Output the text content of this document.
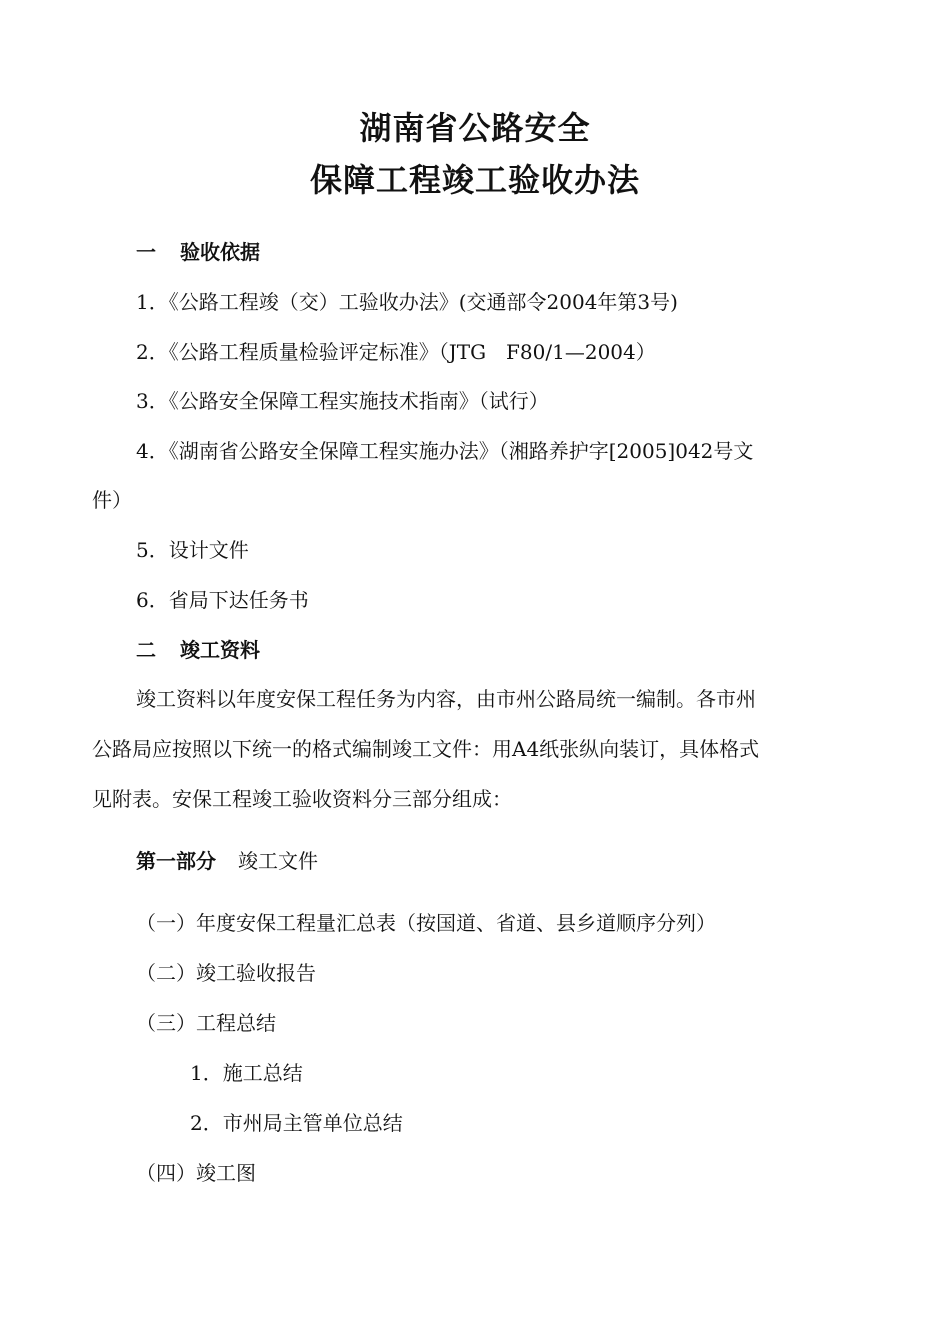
湖南省公路安全
保障工程竣工验收办法
一 验收依据
1．《公路工程竣（交）工验收办法》(交通部令2004年第3号)
2．《公路工程质量检验评定标准》（JTG　F80/1—2004）
3．《公路安全保障工程实施技术指南》（试行）
4．《湖南省公路安全保障工程实施办法》（湘路养护字[2005]042号文
件）
5．设计文件
6．省局下达任务书
二 竣工资料
竣工资料以年度安保工程任务为内容，由市州公路局统一编制。各市州
公路局应按照以下统一的格式编制竣工文件：用A4纸张纵向装订，具体格式
见附表。安保工程竣工验收资料分三部分组成：
第一部分 竣工文件
（一）年度安保工程量汇总表（按国道、省道、县乡道顺序分列）
（二）竣工验收报告
（三）工程总结
1．施工总结
2．市州局主管单位总结
（四）竣工图
